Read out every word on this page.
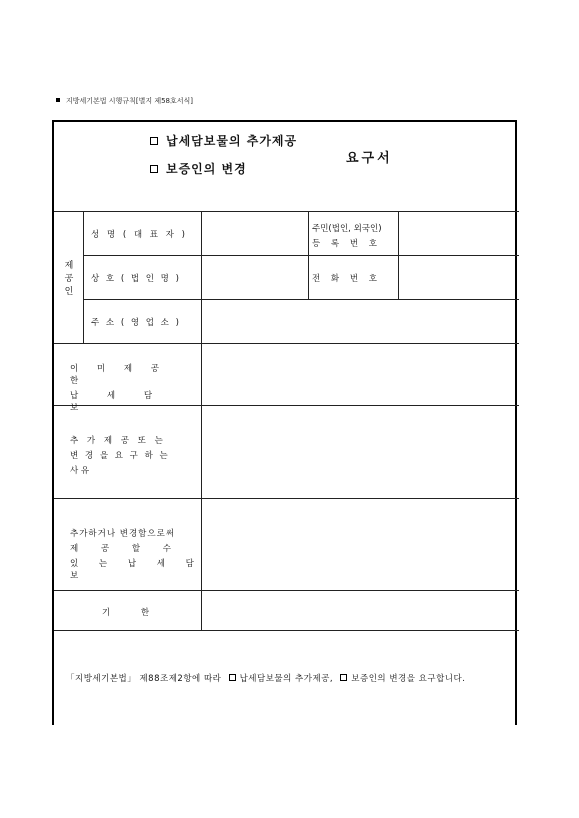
지방세기본법 시행규칙[별지 제58호서식]
납세담보물의 추가제공
보증인의 변경
요구서
제
공
인
성 명 ( 대 표 자 )
주민(법인, 외국인)
등 록 번 호
상 호 ( 법 인 명 )	전 화 번 호
주 소 ( 영 업 소 )
이 미 제 공 한
납 세 담 보
추 가 제 공 또 는
변 경 을 요 구 하 는
사 유
추가하거나 변경함으로써
제 공 할 수
있 는 납 세 담 보
기 한
「지방세기본법」 제88조제2항에 따라 납세담보물의 추가제공, 보증인의 변경을 요구합니다.
